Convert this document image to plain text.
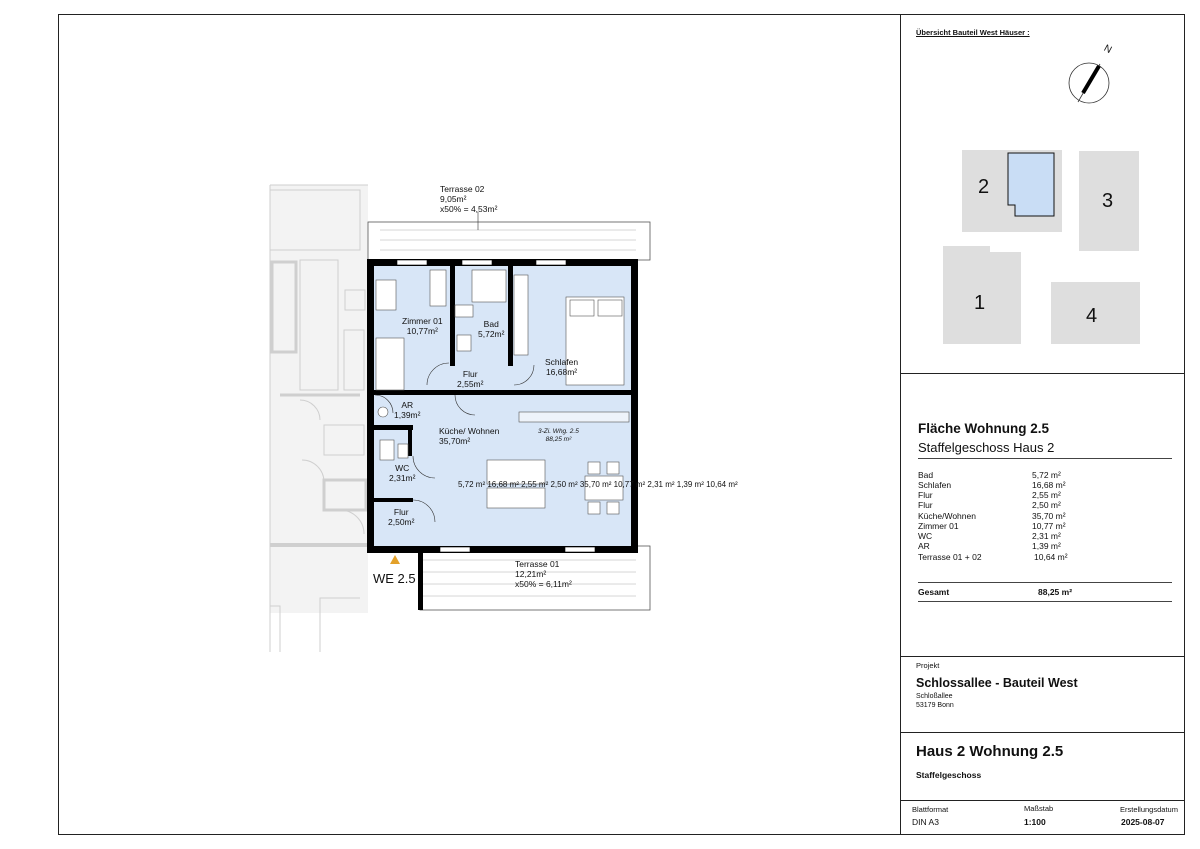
Übersicht Bauteil West Häuser :
N
2
3
1
4
Terrasse 02
9,05m²
x50% = 4,53m²
Zimmer 01
10,77m²
Bad
5,72m²
Schlafen
16,68m²
Flur
2,55m²
AR
1,39m²
Küche/ Wohnen
35,70m²
3-Zi. Whg. 2.5
88,25 m²
WC
2,31m²
5,72 m² 16,68 m² 2,55 m² 2,50 m² 35,70 m² 10,77 m² 2,31 m² 1,39 m² 10,64 m²
Flur
2,50m²
Terrasse 01
12,21m²
x50% = 6,11m²
WE 2.5
Fläche Wohnung 2.5
Staffelgeschoss Haus 2
Bad	5,72 m²
Schlafen	16,68 m²
Flur	2,55 m²
Flur	2,50 m²
Küche/Wohnen	35,70 m²
Zimmer 01	10,77 m²
WC	2,31 m²
AR	1,39 m²
Terrasse 01 + 02	10,64 m²
Gesamt	88,25 m²
Projekt
Schlossallee - Bauteil West
Schloßallee
53179 Bonn
Haus 2 Wohnung 2.5
Staffelgeschoss
Blattformat
DIN A3
Maßstab
1:100
Erstellungsdatum
2025-08-07
